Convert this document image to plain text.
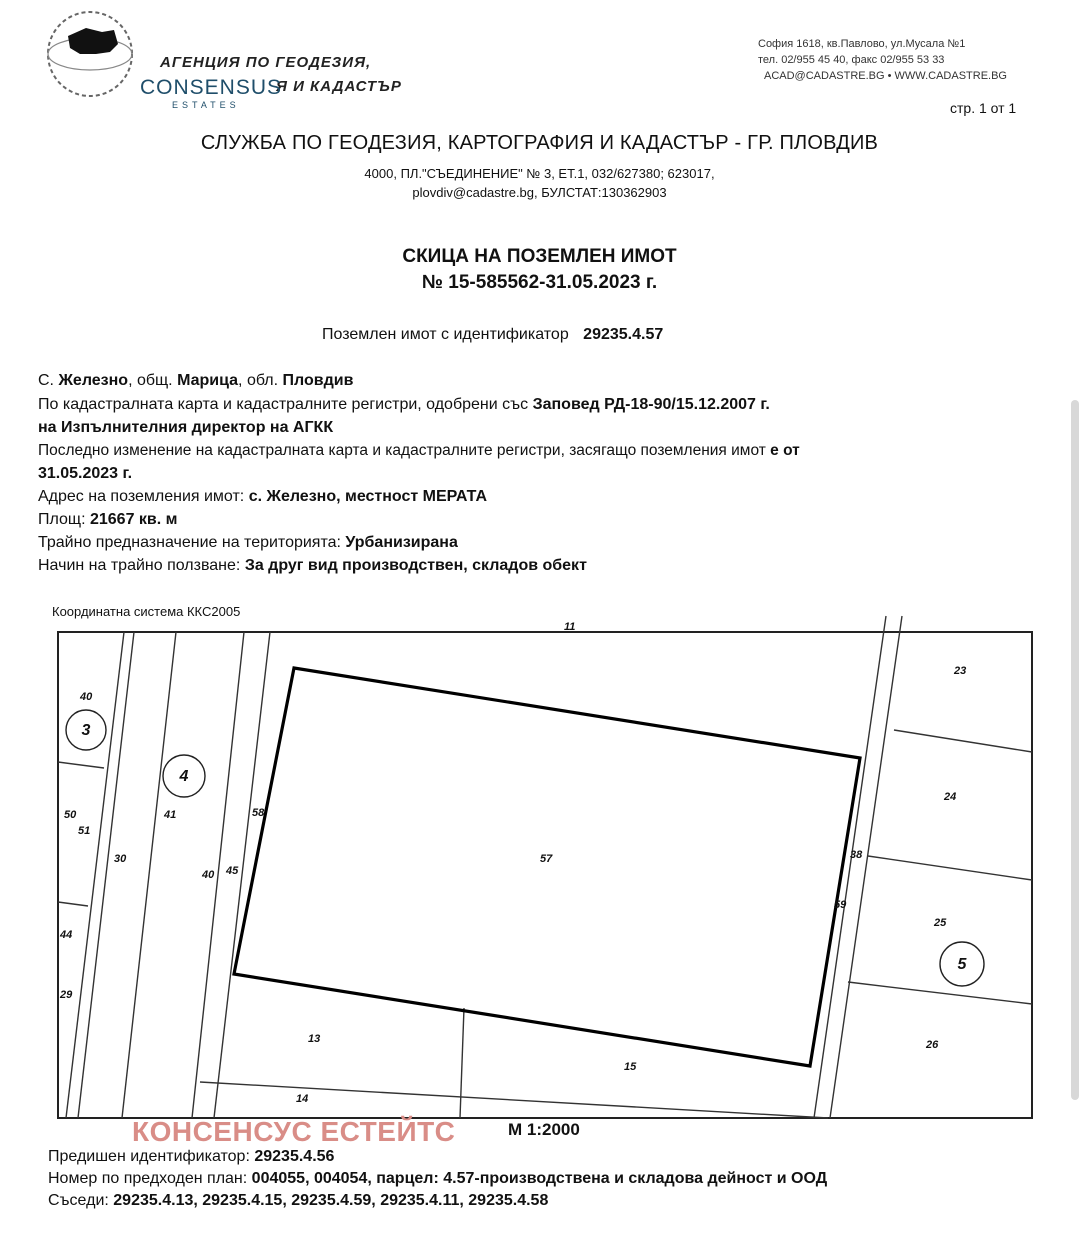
АГЕНЦИЯ ПО ГЕОДЕЗИЯ,
Я И КАДАСТЪР
CONSENSUS
ESTATES
София 1618, кв.Павлово, ул.Мусала №1
тел. 02/955 45 40, факс 02/955 53 33
ACAD@CADASTRE.BG • WWW.CADASTRE.BG
стр. 1 от 1
СЛУЖБА ПО ГЕОДЕЗИЯ, КАРТОГРАФИЯ И КАДАСТЪР - ГР. ПЛОВДИВ
4000, ПЛ."СЪЕДИНЕНИЕ" № 3, ЕТ.1, 032/627380; 623017,
plovdiv@cadastre.bg, БУЛСТАТ:130362903
СКИЦА НА ПОЗЕМЛЕН ИМОТ
№ 15-585562-31.05.2023 г.
Поземлен имот с идентификатор 29235.4.57
С. Железно, общ. Марица, обл. Пловдив
По кадастралната карта и кадастралните регистри, одобрени със Заповед РД-18-90/15.12.2007 г.
на Изпълнителния директор на АГКК
Последно изменение на кадастралната карта и кадастралните регистри, засягащо поземления имот е от
31.05.2023 г.
Адрес на поземления имот: с. Железно, местност МЕРАТА
Площ: 21667 кв. м
Трайно предназначение на територията: Урбанизирана
Начин на трайно ползване: За друг вид производствен, складов обект
Координатна система ККС2005
11
23
24
25
26
13
15
14
40
41
30
40 45
58
50
51
44
29
38
59
3
4
5
57
КОНСЕНСУС ЕСТЕЙТС	М 1:2000
Предишен идентификатор: 29235.4.56
Номер по предходен план: 004055, 004054, парцел: 4.57-производствена и складова дейност и ООД
Съседи: 29235.4.13, 29235.4.15, 29235.4.59, 29235.4.11, 29235.4.58
